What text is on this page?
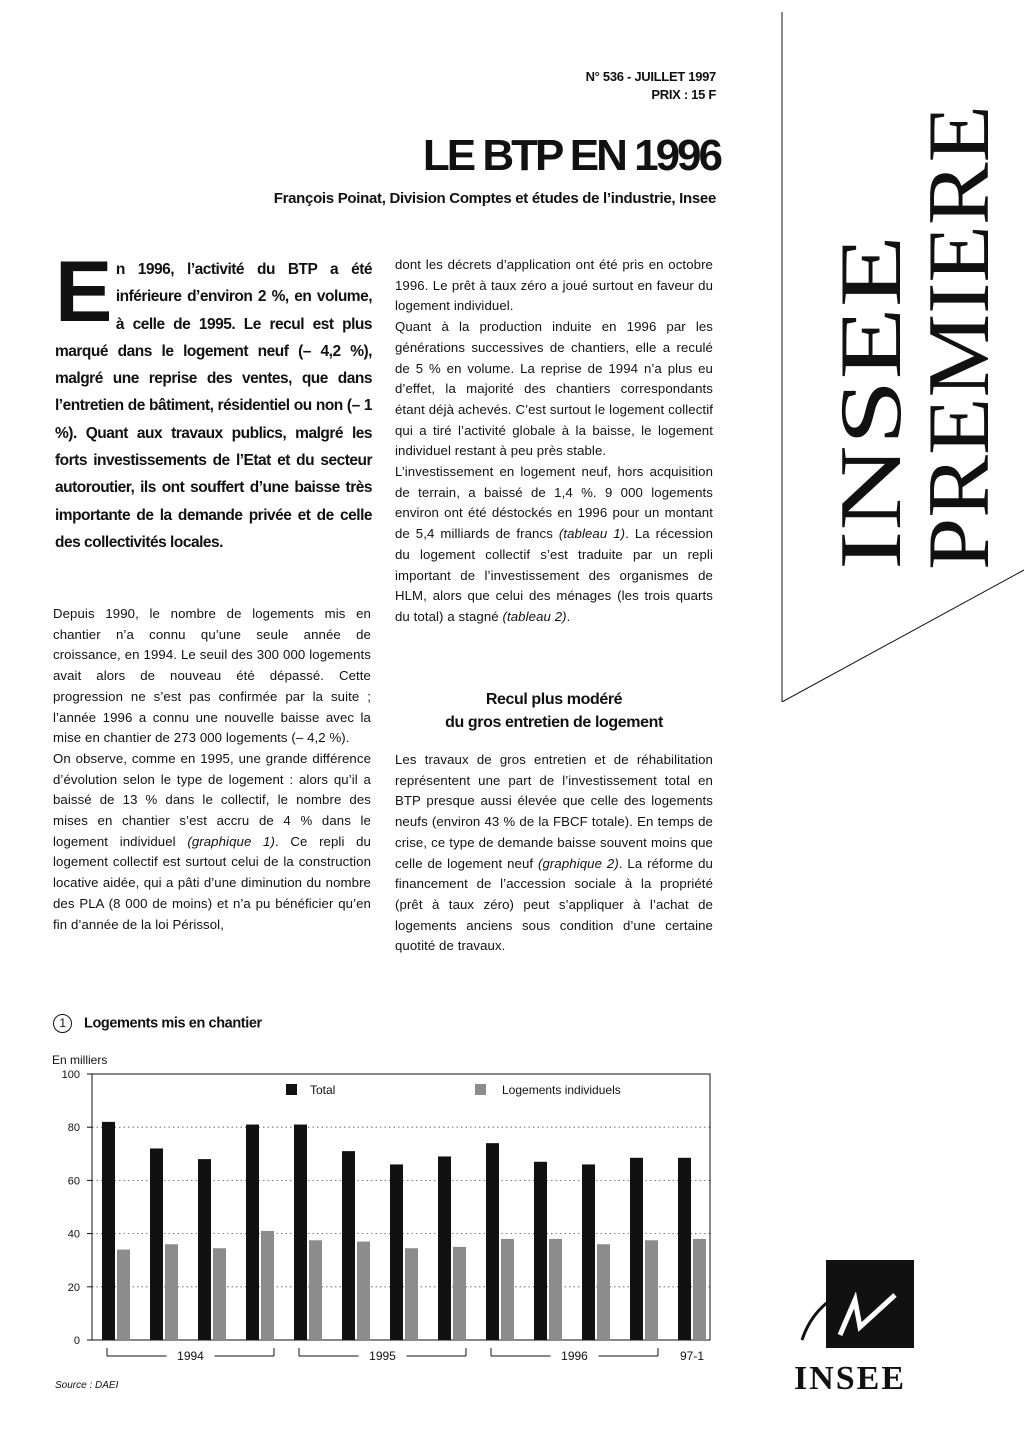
N° 536 - JUILLET 1997
PRIX : 15 F
LE BTP EN 1996
François Poinat, Division Comptes et études de l’industrie, Insee
INSEE
PREMIERE
En 1996, l’activité du BTP a été inférieure d’environ 2 %, en volume, à celle de 1995. Le recul est plus marqué dans le logement neuf (– 4,2 %), malgré une reprise des ventes, que dans l’entretien de bâtiment, résidentiel ou non (– 1 %). Quant aux travaux publics, malgré les forts investissements de l’Etat et du secteur autoroutier, ils ont souffert d’une baisse très importante de la demande privée et de celle des collectivités locales.

Depuis 1990, le nombre de logements mis en chantier n’a connu qu’une seule année de croissance, en 1994. Le seuil des 300 000 logements avait alors de nouveau été dépassé. Cette progression ne s’est pas confirmée par la suite ; l’année 1996 a connu une nouvelle baisse avec la mise en chantier de 273 000 logements (– 4,2 %).

On observe, comme en 1995, une grande différence d’évolution selon le type de logement : alors qu’il a baissé de 13 % dans le collectif, le nombre des mises en chantier s’est accru de 4 % dans le logement individuel (graphique 1). Ce repli du logement collectif est surtout celui de la construction locative aidée, qui a pâti d’une diminution du nombre des PLA (8 000 de moins) et n’a pu bénéficier qu’en fin d’année de la loi Périssol,

dont les décrets d’application ont été pris en octobre 1996. Le prêt à taux zéro a joué surtout en faveur du logement individuel.

Quant à la production induite en 1996 par les générations successives de chantiers, elle a reculé de 5 % en volume. La reprise de 1994 n’a plus eu d’effet, la majorité des chantiers correspondants étant déjà achevés. C’est surtout le logement collectif qui a tiré l’activité globale à la baisse, le logement individuel restant à peu près stable.

L’investissement en logement neuf, hors acquisition de terrain, a baissé de 1,4 %. 9 000 logements environ ont été déstockés en 1996 pour un montant de 5,4 milliards de francs (tableau 1). La récession du logement collectif s’est traduite par un repli important de l’investissement des organismes de HLM, alors que celui des ménages (les trois quarts du total) a stagné (tableau 2).

Recul plus modéré
du gros entretien de logement

Les travaux de gros entretien et de réhabilitation représentent une part de l’investissement total en BTP presque aussi élevée que celle des logements neufs (environ 43 % de la FBCF totale). En temps de crise, ce type de demande baisse souvent moins que celle de logement neuf (graphique 2). La réforme du financement de l’accession sociale à la propriété (prêt à taux zéro) peut s’appliquer à l’achat de logements anciens sous condition d’une certaine quotité de travaux.

1 Logements mis en chantier
En milliers
0
20
40
60
80
100
Total	Logements individuels
1994	1995	1996	97-1
Source : DAEI	INSEE
